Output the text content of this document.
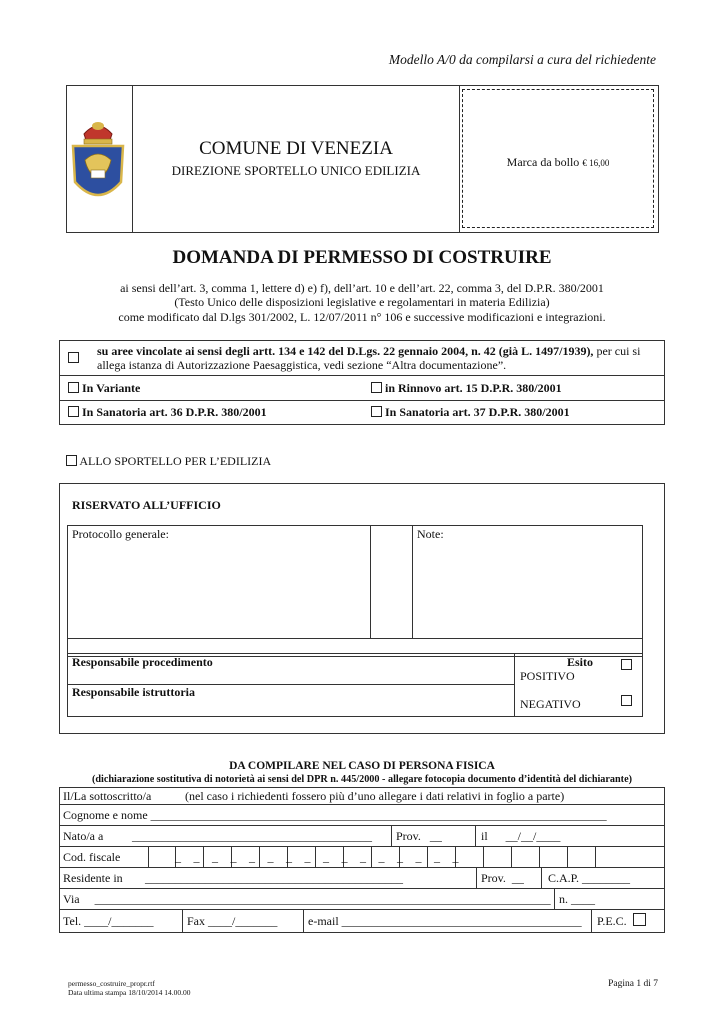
Modello A/0 da compilarsi a cura del richiedente
COMUNE DI VENEZIA
DIREZIONE SPORTELLO UNICO EDILIZIA
Marca da bollo € 16,00
DOMANDA DI PERMESSO DI COSTRUIRE
ai sensi dell’art. 3, comma 1, lettere d) e) f), dell’art. 10 e dell’art. 22, comma 3, del D.P.R. 380/2001
(Testo Unico delle disposizioni legislative e regolamentari in materia Edilizia)
come modificato dal D.lgs 301/2002, L. 12/07/2011 n° 106 e successive modificazioni e integrazioni.
su aree vincolate ai sensi degli artt. 134 e 142 del D.Lgs. 22 gennaio 2004, n. 42 (già L. 1497/1939), per cui si
allega istanza di Autorizzazione Paesaggistica, vedi sezione “Altra documentazione”.
In Variante	in Rinnovo art. 15 D.P.R. 380/2001
In Sanatoria art. 36 D.P.R. 380/2001	In Sanatoria art. 37 D.P.R. 380/2001
ALLO SPORTELLO PER L’EDILIZIA
RISERVATO ALL’UFFICIO
Protocollo generale:	Note:
Responsabile procedimento
Responsabile istruttoria
Esito
POSITIVO
NEGATIVO
DA COMPILARE NEL CASO DI PERSONA FISICA
(dichiarazione sostitutiva di notorietà ai sensi del DPR n. 445/2000 - allegare fotocopia documento d’identità del dichiarante)
Il/La sottoscritto/a	(nel caso i richiedenti fossero più d’uno allegare i dati relativi in foglio a parte)
Cognome e nome ____________________________________________________________________________
Nato/a a ________________________________________ Prov.   __	il      __/__/____
Cod. fiscale	_    _    _    _    _    _    _    _    _    _    _    _    _    _    _    _
Residente in ___________________________________________	Prov.  __ C.A.P. ________
Via     ____________________________________________________________________________ n. ____
Tel. ____/_______	Fax ____/_______	e-mail ________________________________________ P.E.C.
permesso_costruire_propr.rtf
Data ultima stampa 18/10/2014 14.00.00
Pagina 1 di 7
